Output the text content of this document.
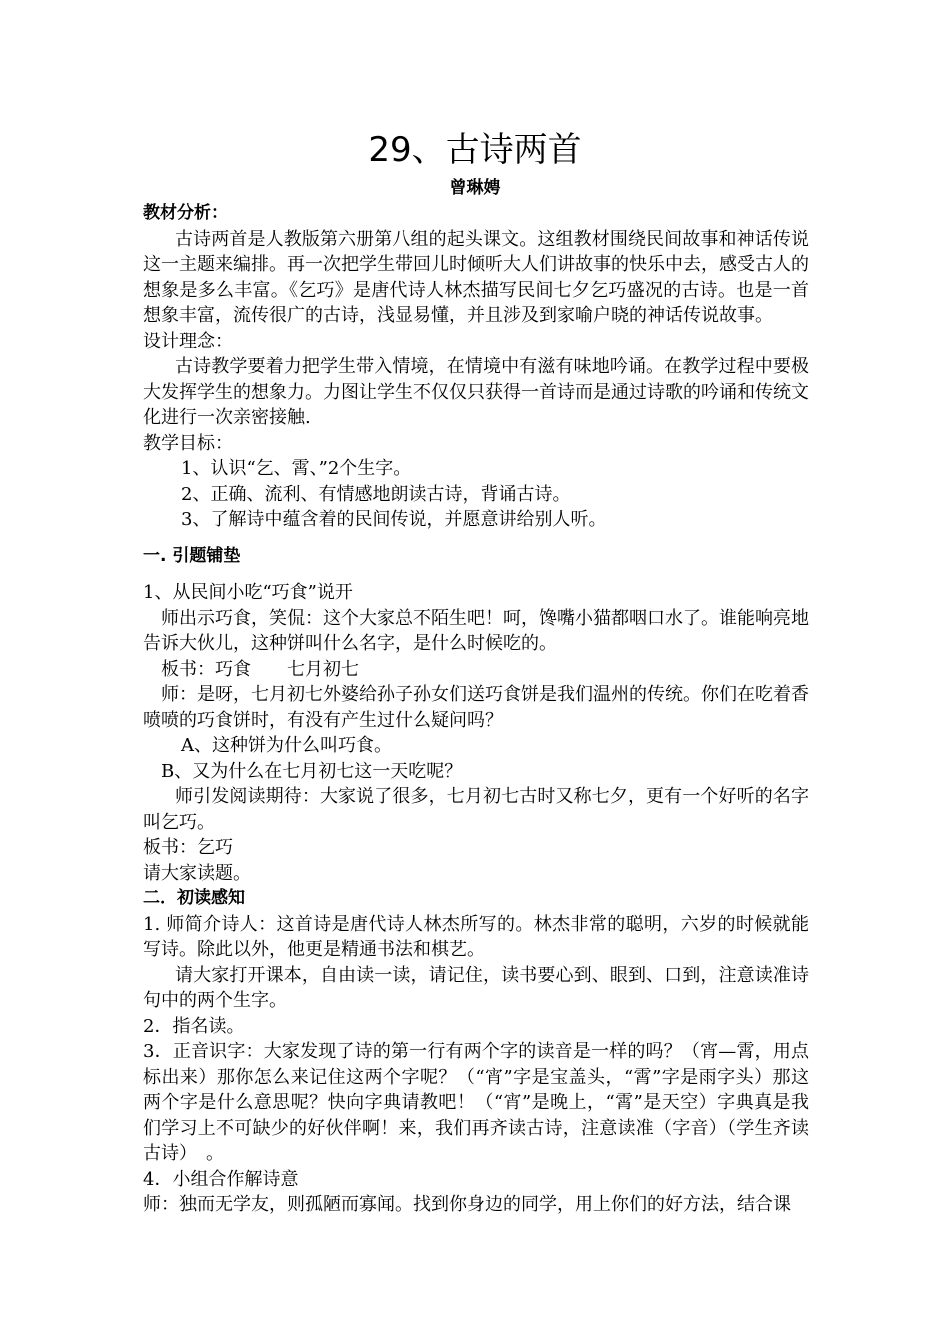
29、古诗两首
曾琳娉

教材分析：

古诗两首是人教版第六册第八组的起头课文。这组教材围绕民间故事和神话传说这一主题来编排。再一次把学生带回儿时倾听大人们讲故事的快乐中去，感受古人的想象是多么丰富。《乞巧》是唐代诗人林杰描写民间七夕乞巧盛况的古诗。也是一首想象丰富，流传很广的古诗，浅显易懂，并且涉及到家喻户晓的神话传说故事。

设计理念：

古诗教学要着力把学生带入情境，在情境中有滋有味地吟诵。在教学过程中要极大发挥学生的想象力。力图让学生不仅仅只获得一首诗而是通过诗歌的吟诵和传统文化进行一次亲密接触.

教学目标：

1、认识“乞、霄、”2个生字。

2、正确、流利、有情感地朗读古诗，背诵古诗。

3、了解诗中蕴含着的民间传说，并愿意讲给别人听。

一. 引题铺垫

1、从民间小吃“巧食”说开

师出示巧食，笑侃：这个大家总不陌生吧！呵，馋嘴小猫都咽口水了。谁能响亮地告诉大伙儿，这种饼叫什么名字，是什么时候吃的。

板书：巧食　　七月初七

师：是呀，七月初七外婆给孙子孙女们送巧食饼是我们温州的传统。你们在吃着香喷喷的巧食饼时，有没有产生过什么疑问吗？

A、这种饼为什么叫巧食。

B、又为什么在七月初七这一天吃呢？

师引发阅读期待：大家说了很多，七月初七古时又称七夕，更有一个好听的名字叫乞巧。

板书：乞巧

请大家读题。

二．初读感知

1. 师简介诗人：这首诗是唐代诗人林杰所写的。林杰非常的聪明，六岁的时候就能写诗。除此以外，他更是精通书法和棋艺。

请大家打开课本，自由读一读，请记住，读书要心到、眼到、口到，注意读准诗句中的两个生字。

2．指名读。

3．正音识字：大家发现了诗的第一行有两个字的读音是一样的吗？（宵—霄，用点标出来）那你怎么来记住这两个字呢？（“宵”字是宝盖头，“霄”字是雨字头）那这两个字是什么意思呢？快向字典请教吧！（“宵”是晚上，“霄”是天空）字典真是我们学习上不可缺少的好伙伴啊！来，我们再齐读古诗，注意读准（字音）（学生齐读古诗）　。

4．小组合作解诗意

师：独而无学友，则孤陋而寡闻。找到你身边的同学，用上你们的好方法，结合课
